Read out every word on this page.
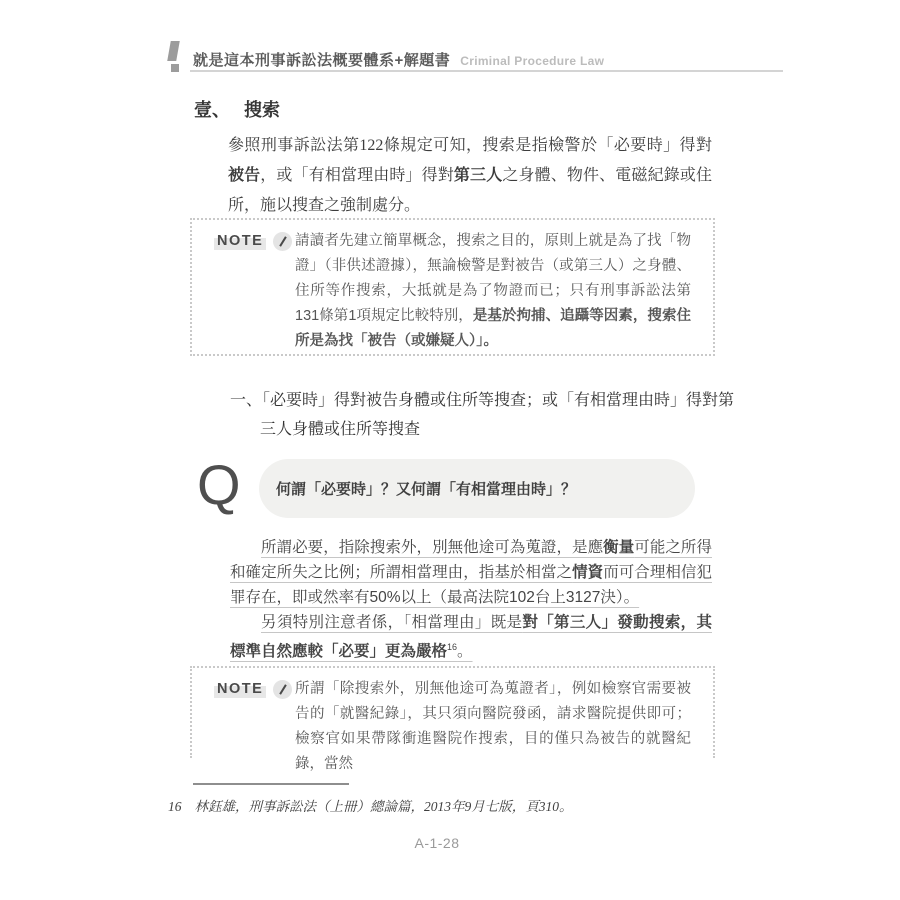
就是這本刑事訴訟法概要體系+解題書 Criminal Procedure Law
壹、 搜索
參照刑事訴訟法第122條規定可知，搜索是指檢警於「必要時」得對被告，或「有相當理由時」得對第三人之身體、物件、電磁紀錄或住所，施以搜查之強制處分。
NOTE 請讀者先建立簡單概念，搜索之目的，原則上就是為了找「物證」（非供述證據），無論檢警是對被告（或第三人）之身體、住所等作搜索，大抵就是為了物證而已；只有刑事訴訟法第131條第1項規定比較特別，是基於拘捕、追躡等因素，搜索住所是為找「被告（或嫌疑人）」。
一、「必要時」得對被告身體或住所等搜查；或「有相當理由時」得對第三人身體或住所等搜查
Q 何謂「必要時」？又何謂「有相當理由時」？

所謂必要，指除搜索外，別無他途可為蒐證，是應衡量可能之所得和確定所失之比例；所謂相當理由，指基於相當之情資而可合理相信犯罪存在，即或然率有50%以上（最高法院102台上3127決）。

另須特別注意者係，「相當理由」既是對「第三人」發動搜索，其標準自然應較「必要」更為嚴格$^{16}$。

NOTE 所謂「除搜索外，別無他途可為蒐證者」，例如檢察官需要被告的「就醫紀錄」，其只須向醫院發函，請求醫院提供即可；檢察官如果帶隊衝進醫院作搜索，目的僅只為被告的就醫紀錄，當然
16 林鈺雄，刑事訴訟法（上冊）總論篇，2013年9月七版，頁310。
A-1-28
